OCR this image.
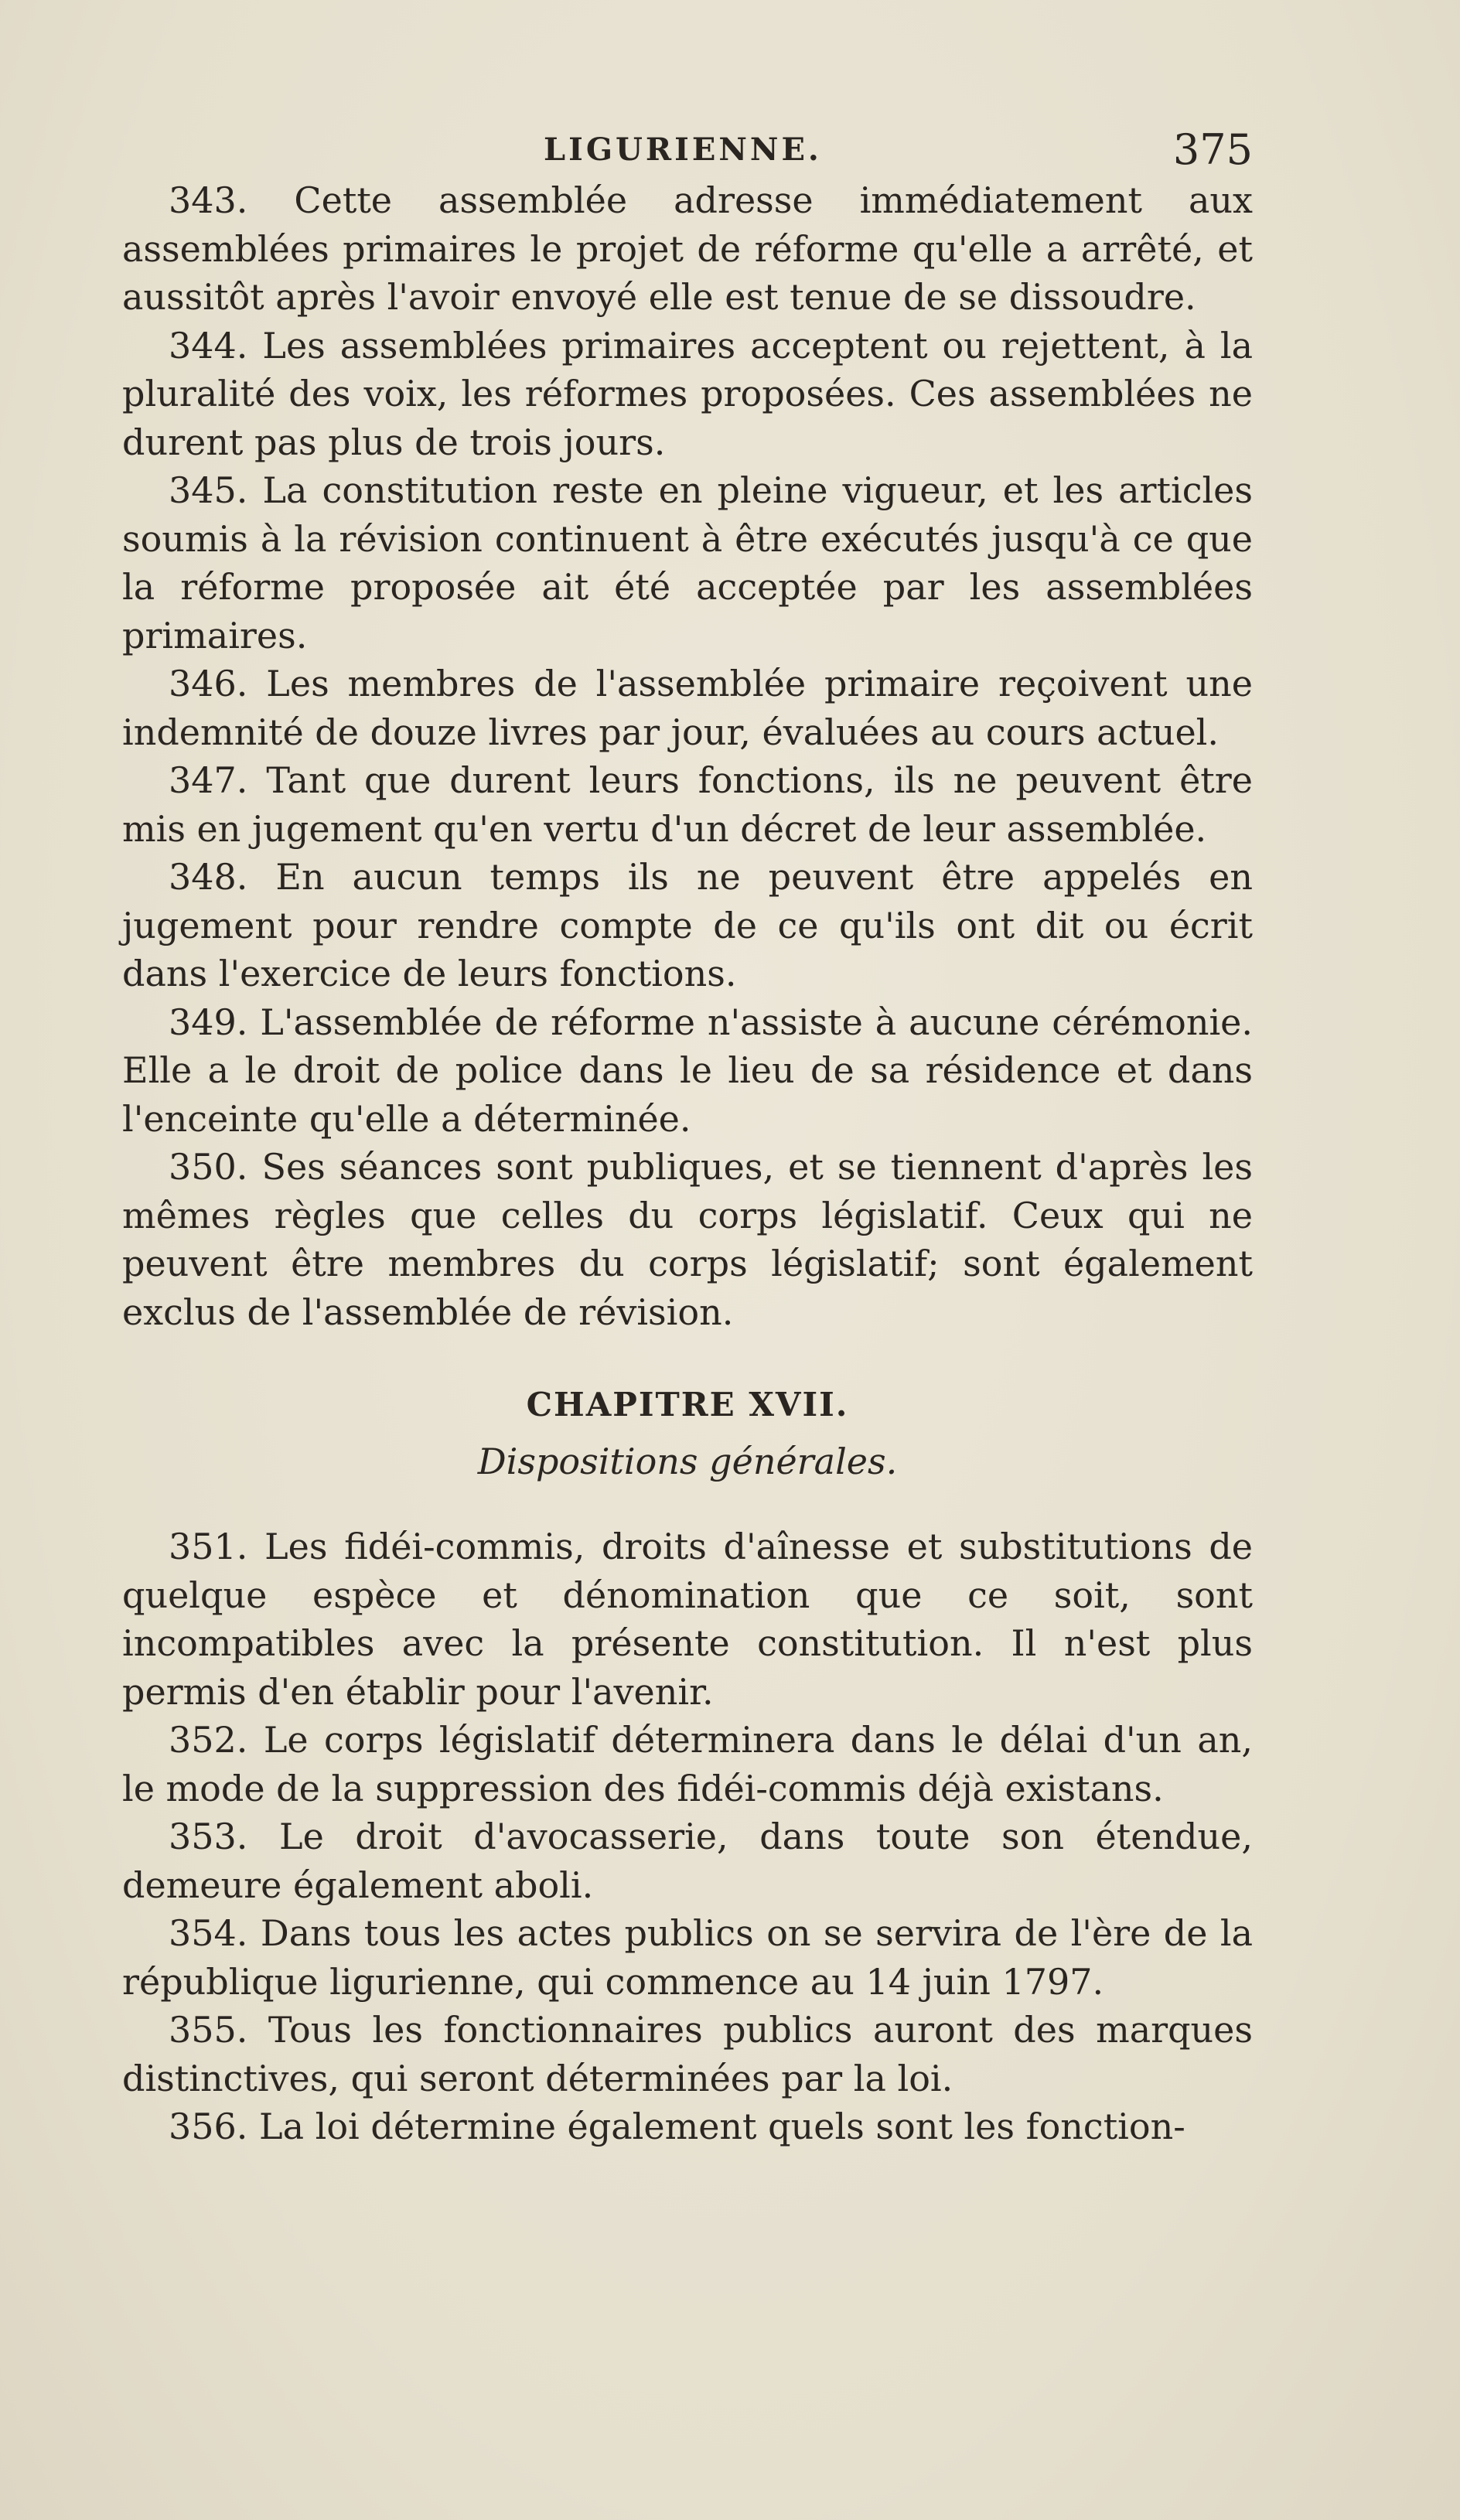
LIGURIENNE.	375

343. Cette assemblée adresse immédiatement aux assemblées primaires le projet de réforme qu'elle a arrêté, et aussitôt après l'avoir envoyé elle est tenue de se dissoudre.

344. Les assemblées primaires acceptent ou rejettent, à la pluralité des voix, les réformes proposées. Ces assemblées ne durent pas plus de trois jours.

345. La constitution reste en pleine vigueur, et les articles soumis à la révision continuent à être exécutés jusqu'à ce que la réforme proposée ait été acceptée par les assemblées primaires.

346. Les membres de l'assemblée primaire reçoivent une indemnité de douze livres par jour, évaluées au cours actuel.

347. Tant que durent leurs fonctions, ils ne peuvent être mis en jugement qu'en vertu d'un décret de leur assemblée.

348. En aucun temps ils ne peuvent être appelés en jugement pour rendre compte de ce qu'ils ont dit ou écrit dans l'exercice de leurs fonctions.

349. L'assemblée de réforme n'assiste à aucune cérémonie. Elle a le droit de police dans le lieu de sa résidence et dans l'enceinte qu'elle a déterminée.

350. Ses séances sont publiques, et se tiennent d'après les mêmes règles que celles du corps législatif. Ceux qui ne peuvent être membres du corps législatif; sont également exclus de l'assemblée de révision.

CHAPITRE XVII.
Dispositions générales.

351. Les fidéi-commis, droits d'aînesse et substitutions de quelque espèce et dénomination que ce soit, sont incompatibles avec la présente constitution. Il n'est plus permis d'en établir pour l'avenir.

352. Le corps législatif déterminera dans le délai d'un an, le mode de la suppression des fidéi-commis déjà existans.

353. Le droit d'avocasserie, dans toute son étendue, demeure également aboli.

354. Dans tous les actes publics on se servira de l'ère de la république ligurienne, qui commence au 14 juin 1797.

355. Tous les fonctionnaires publics auront des marques distinctives, qui seront déterminées par la loi.

356. La loi détermine également quels sont les fonction-
